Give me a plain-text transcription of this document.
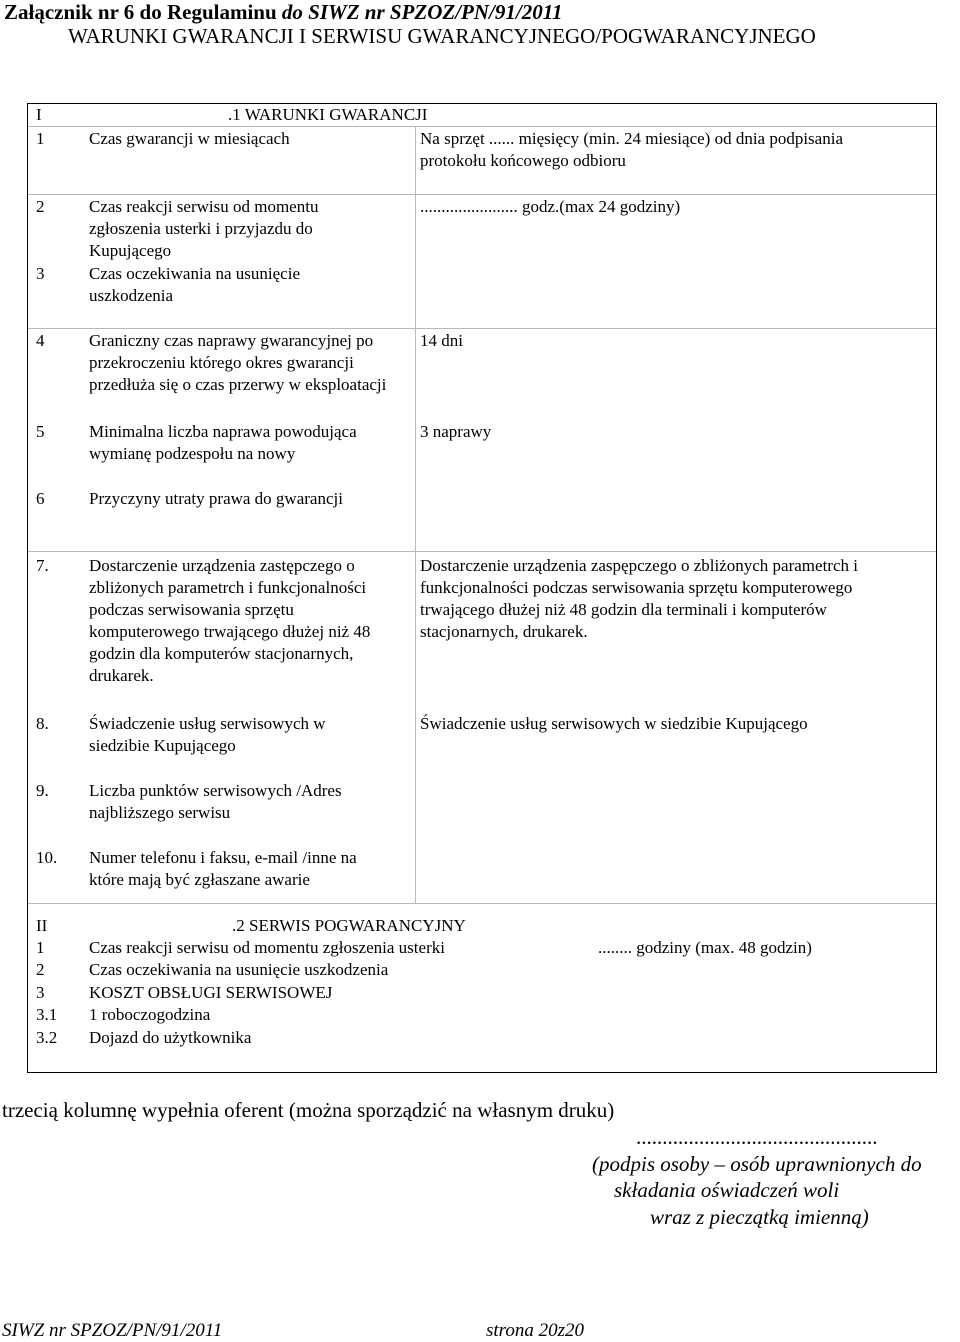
Załącznik nr 6 do Regulaminu do SIWZ nr SPZOZ/PN/91/2011
WARUNKI GWARANCJI I SERWISU GWARANCYJNEGO/POGWARANCYJNEGO
I	.1 WARUNKI GWARANCJI
1	Czas gwarancji w miesiącach	Na sprzęt ...... mięsięcy (min. 24 miesiące) od dnia podpisania protokołu końcowego odbioru
2	Czas reakcji serwisu od momentu zgłoszenia usterki i przyjazdu do Kupującego
....................... godz.(max 24 godziny)
3	Czas oczekiwania na usunięcie uszkodzenia
4	Graniczny czas naprawy gwarancyjnej po przekroczeniu którego okres gwarancji przedłuża się o czas przerwy w eksploatacji
14 dni
5	Minimalna liczba naprawa powodująca wymianę podzespołu na nowy
3 naprawy
6	Przyczyny utraty prawa do gwarancji
7. Dostarczenie urządzenia zastępczego o zbliżonych parametrch i funkcjonalności podczas serwisowania sprzętu komputerowego trwającego dłużej niż 48 godzin dla komputerów stacjonarnych, drukarek.
Dostarczenie urządzenia zaspępczego o zbliżonych parametrch i funkcjonalności podczas serwisowania sprzętu komputerowego trwającego dłużej niż 48 godzin dla terminali i komputerów stacjonarnych, drukarek.
8. Świadczenie usług serwisowych w siedzibie Kupującego
Świadczenie usług serwisowych w siedzibie Kupującego
9. Liczba punktów serwisowych /Adres najbliższego serwisu
10. Numer telefonu i faksu, e-mail /inne na które mają być zgłaszane awarie
II	.2 SERWIS POGWARANCYJNY
1	Czas reakcji serwisu od momentu zgłoszenia usterki	........ godziny (max. 48 godzin)
2	Czas oczekiwania na usunięcie uszkodzenia
3	KOSZT OBSŁUGI SERWISOWEJ
3.1 1 roboczogodzina
3.2 Dojazd do użytkownika
trzecią kolumnę wypełnia oferent (można sporządzić na własnym druku)
..............................................
(podpis osoby – osób uprawnionych do
składania oświadczeń woli
wraz z pieczątką imienną)
SIWZ nr SPZOZ/PN/91/2011	strona 20z20
